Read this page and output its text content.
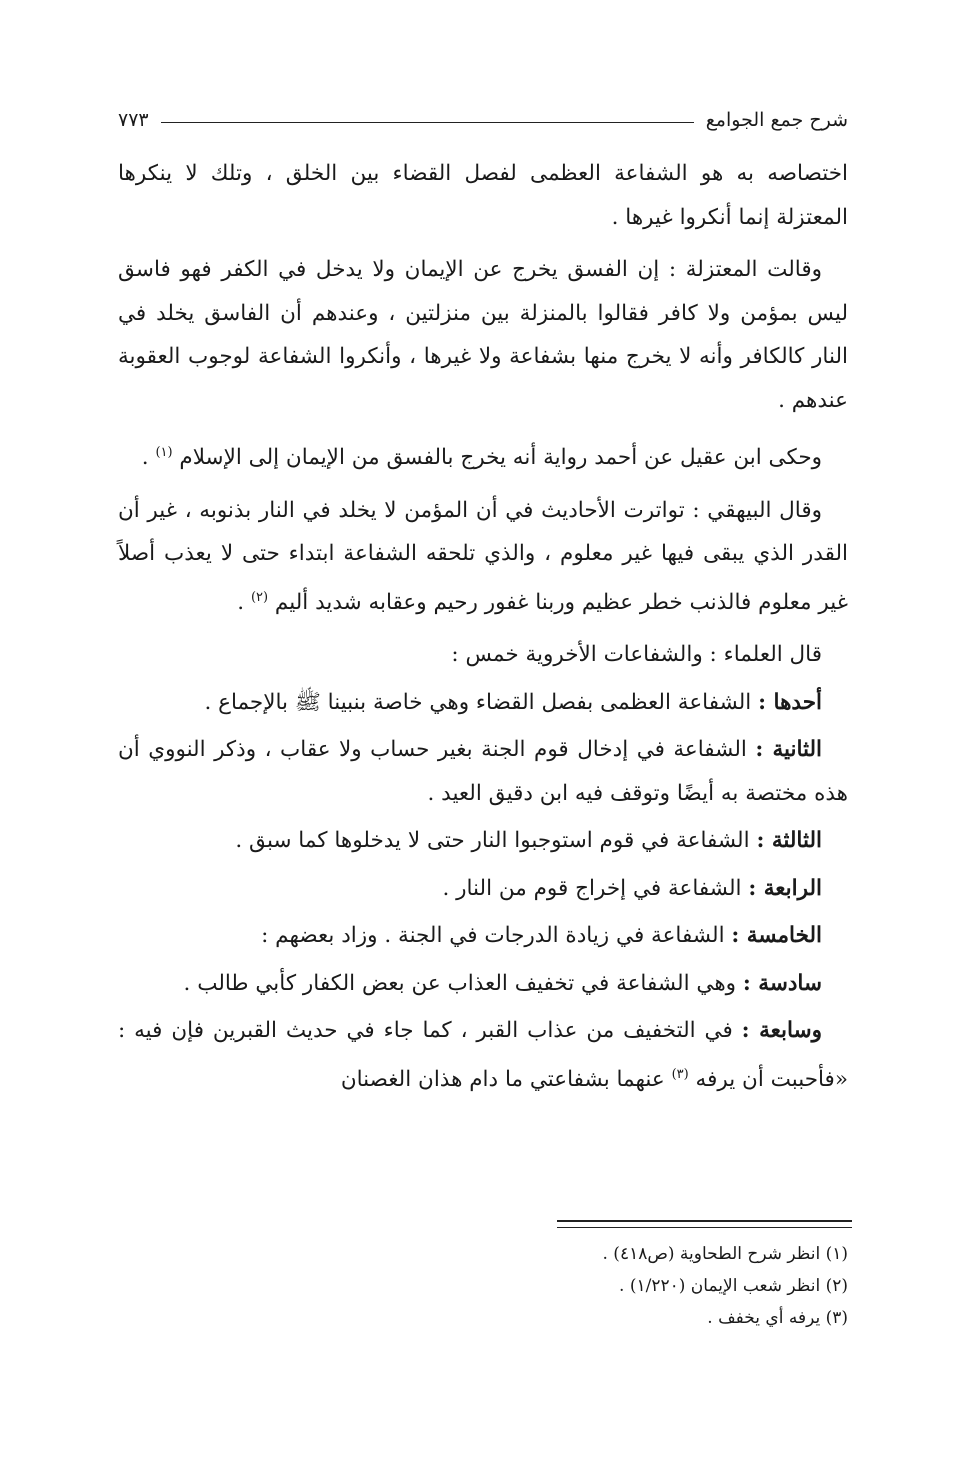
شرح جمع الجوامع
٧٧٣

اختصاصه به هو الشفاعة العظمى لفصل القضاء بين الخلق ، وتلك لا ينكرها المعتزلة إنما أنكروا غيرها .

وقالت المعتزلة : إن الفسق يخرج عن الإيمان ولا يدخل في الكفر فهو فاسق ليس بمؤمن ولا كافر فقالوا بالمنزلة بين منزلتين ، وعندهم أن الفاسق يخلد في النار كالكافر وأنه لا يخرج منها بشفاعة ولا غيرها ، وأنكروا الشفاعة لوجوب العقوبة عندهم .

وحكى ابن عقيل عن أحمد رواية أنه يخرج بالفسق من الإيمان إلى الإسلام $^{(١)}$ .

وقال البيهقي : تواترت الأحاديث في أن المؤمن لا يخلد في النار بذنوبه ، غير أن القدر الذي يبقى فيها غير معلوم ، والذي تلحقه الشفاعة ابتداء حتى لا يعذب أصلاً غير معلوم فالذنب خطر عظيم وربنا غفور رحيم وعقابه شديد أليم $^{(٢)}$ .

قال العلماء : والشفاعات الأخروية خمس :

أحدها : الشفاعة العظمى بفصل القضاء وهي خاصة بنبينا ﷺ بالإجماع .

الثانية : الشفاعة في إدخال قوم الجنة بغير حساب ولا عقاب ، وذكر النووي أن هذه مختصة به أيضًا وتوقف فيه ابن دقيق العيد .

الثالثة : الشفاعة في قوم استوجبوا النار حتى لا يدخلوها كما سبق .

الرابعة : الشفاعة في إخراج قوم من النار .

الخامسة : الشفاعة في زيادة الدرجات في الجنة . وزاد بعضهم :

سادسة : وهي الشفاعة في تخفيف العذاب عن بعض الكفار كأبي طالب .

وسابعة : في التخفيف من عذاب القبر ، كما جاء في حديث القبرين فإن فيه : «فأحببت أن يرفه $^{(٣)}$ عنهما بشفاعتي ما دام هذان الغصنان

(١) انظر شرح الطحاوية (ص٤١٨) .

(٢) انظر شعب الإيمان (١/٢٢٠) .

(٣) يرفه أي يخفف .
